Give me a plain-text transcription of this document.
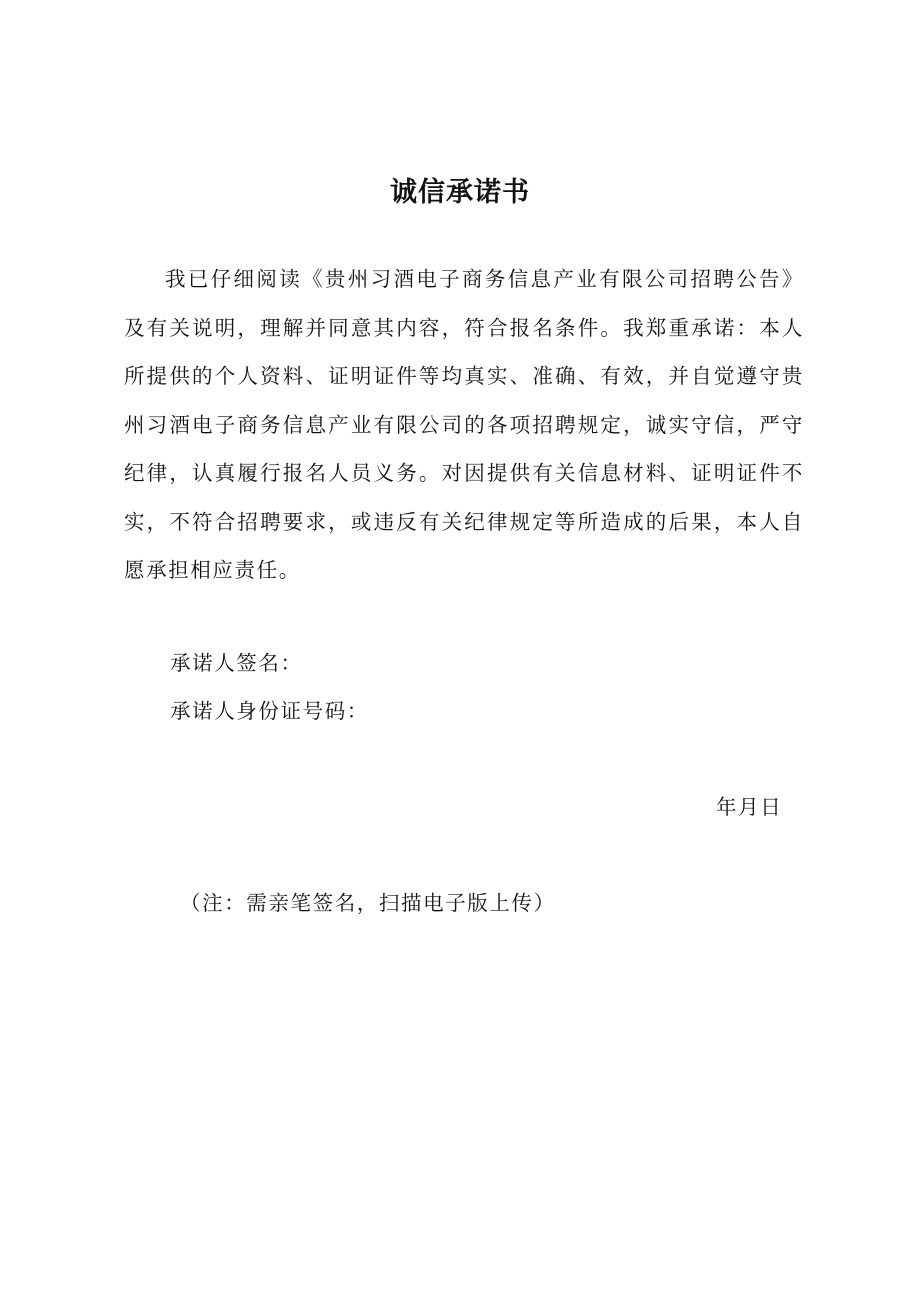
诚信承诺书

我已仔细阅读《贵州习酒电子商务信息产业有限公司招聘公告》及有关说明，理解并同意其内容，符合报名条件。我郑重承诺：本人所提供的个人资料、证明证件等均真实、准确、有效，并自觉遵守贵州习酒电子商务信息产业有限公司的各项招聘规定，诚实守信，严守纪律，认真履行报名人员义务。对因提供有关信息材料、证明证件不实，不符合招聘要求，或违反有关纪律规定等所造成的后果，本人自愿承担相应责任。

承诺人签名：

承诺人身份证号码：

年月日

（注：需亲笔签名，扫描电子版上传）
